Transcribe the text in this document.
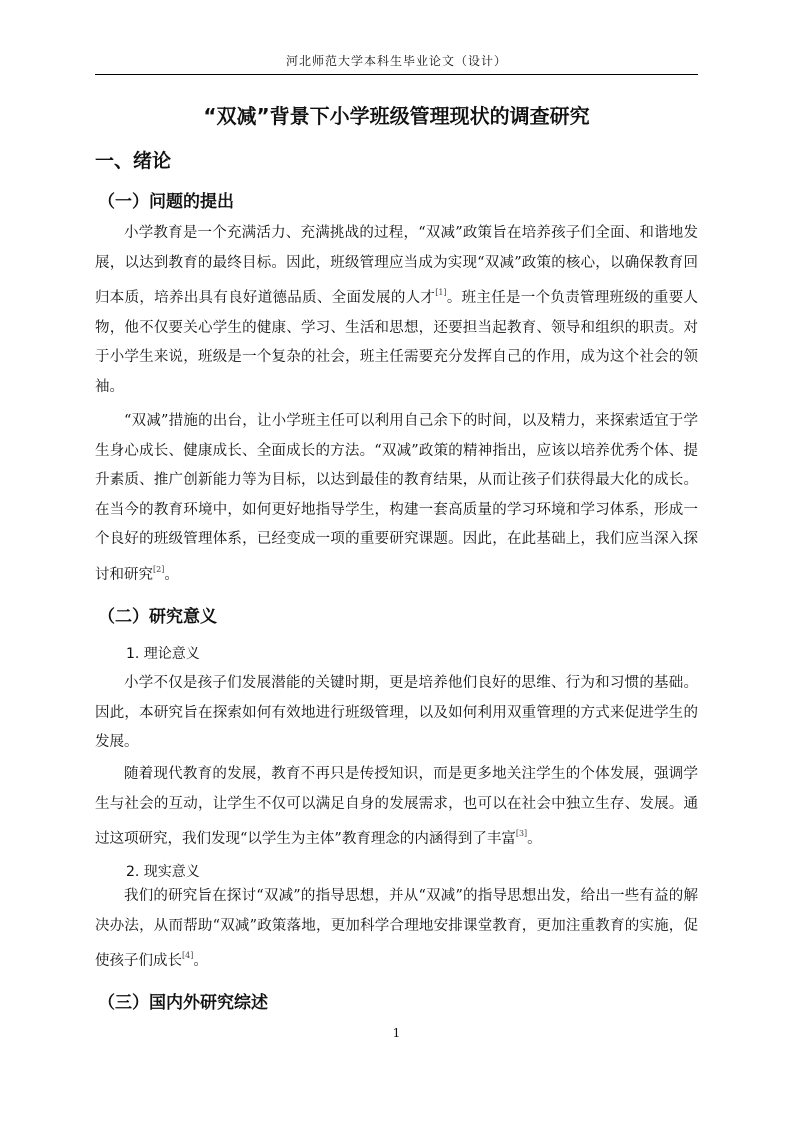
河北师范大学本科生毕业论文（设计）
“双减”背景下小学班级管理现状的调查研究
一、绪论
（一）问题的提出

小学教育是一个充满活力、充满挑战的过程，“双减”政策旨在培养孩子们全面、和谐地发展，以达到教育的最终目标。因此，班级管理应当成为实现“双减”政策的核心，以确保教育回归本质，培养出具有良好道德品质、全面发展的人才[1]。班主任是一个负责管理班级的重要人物，他不仅要关心学生的健康、学习、生活和思想，还要担当起教育、领导和组织的职责。对于小学生来说，班级是一个复杂的社会，班主任需要充分发挥自己的作用，成为这个社会的领袖。

“双减”措施的出台，让小学班主任可以利用自己余下的时间，以及精力，来探索适宜于学生身心成长、健康成长、全面成长的方法。“双减”政策的精神指出，应该以培养优秀个体、提升素质、推广创新能力等为目标，以达到最佳的教育结果，从而让孩子们获得最大化的成长。在当今的教育环境中，如何更好地指导学生，构建一套高质量的学习环境和学习体系，形成一个良好的班级管理体系，已经变成一项的重要研究课题。因此，在此基础上，我们应当深入探讨和研究[2]。

（二）研究意义
1. 理论意义

小学不仅是孩子们发展潜能的关键时期，更是培养他们良好的思维、行为和习惯的基础。因此，本研究旨在探索如何有效地进行班级管理，以及如何利用双重管理的方式来促进学生的发展。

随着现代教育的发展，教育不再只是传授知识，而是更多地关注学生的个体发展，强调学生与社会的互动，让学生不仅可以满足自身的发展需求，也可以在社会中独立生存、发展。通过这项研究，我们发现“以学生为主体”教育理念的内涵得到了丰富[3]。

2. 现实意义

我们的研究旨在探讨“双减”的指导思想，并从“双减”的指导思想出发，给出一些有益的解决办法，从而帮助“双减”政策落地，更加科学合理地安排课堂教育，更加注重教育的实施，促使孩子们成长[4]。

（三）国内外研究综述
1
